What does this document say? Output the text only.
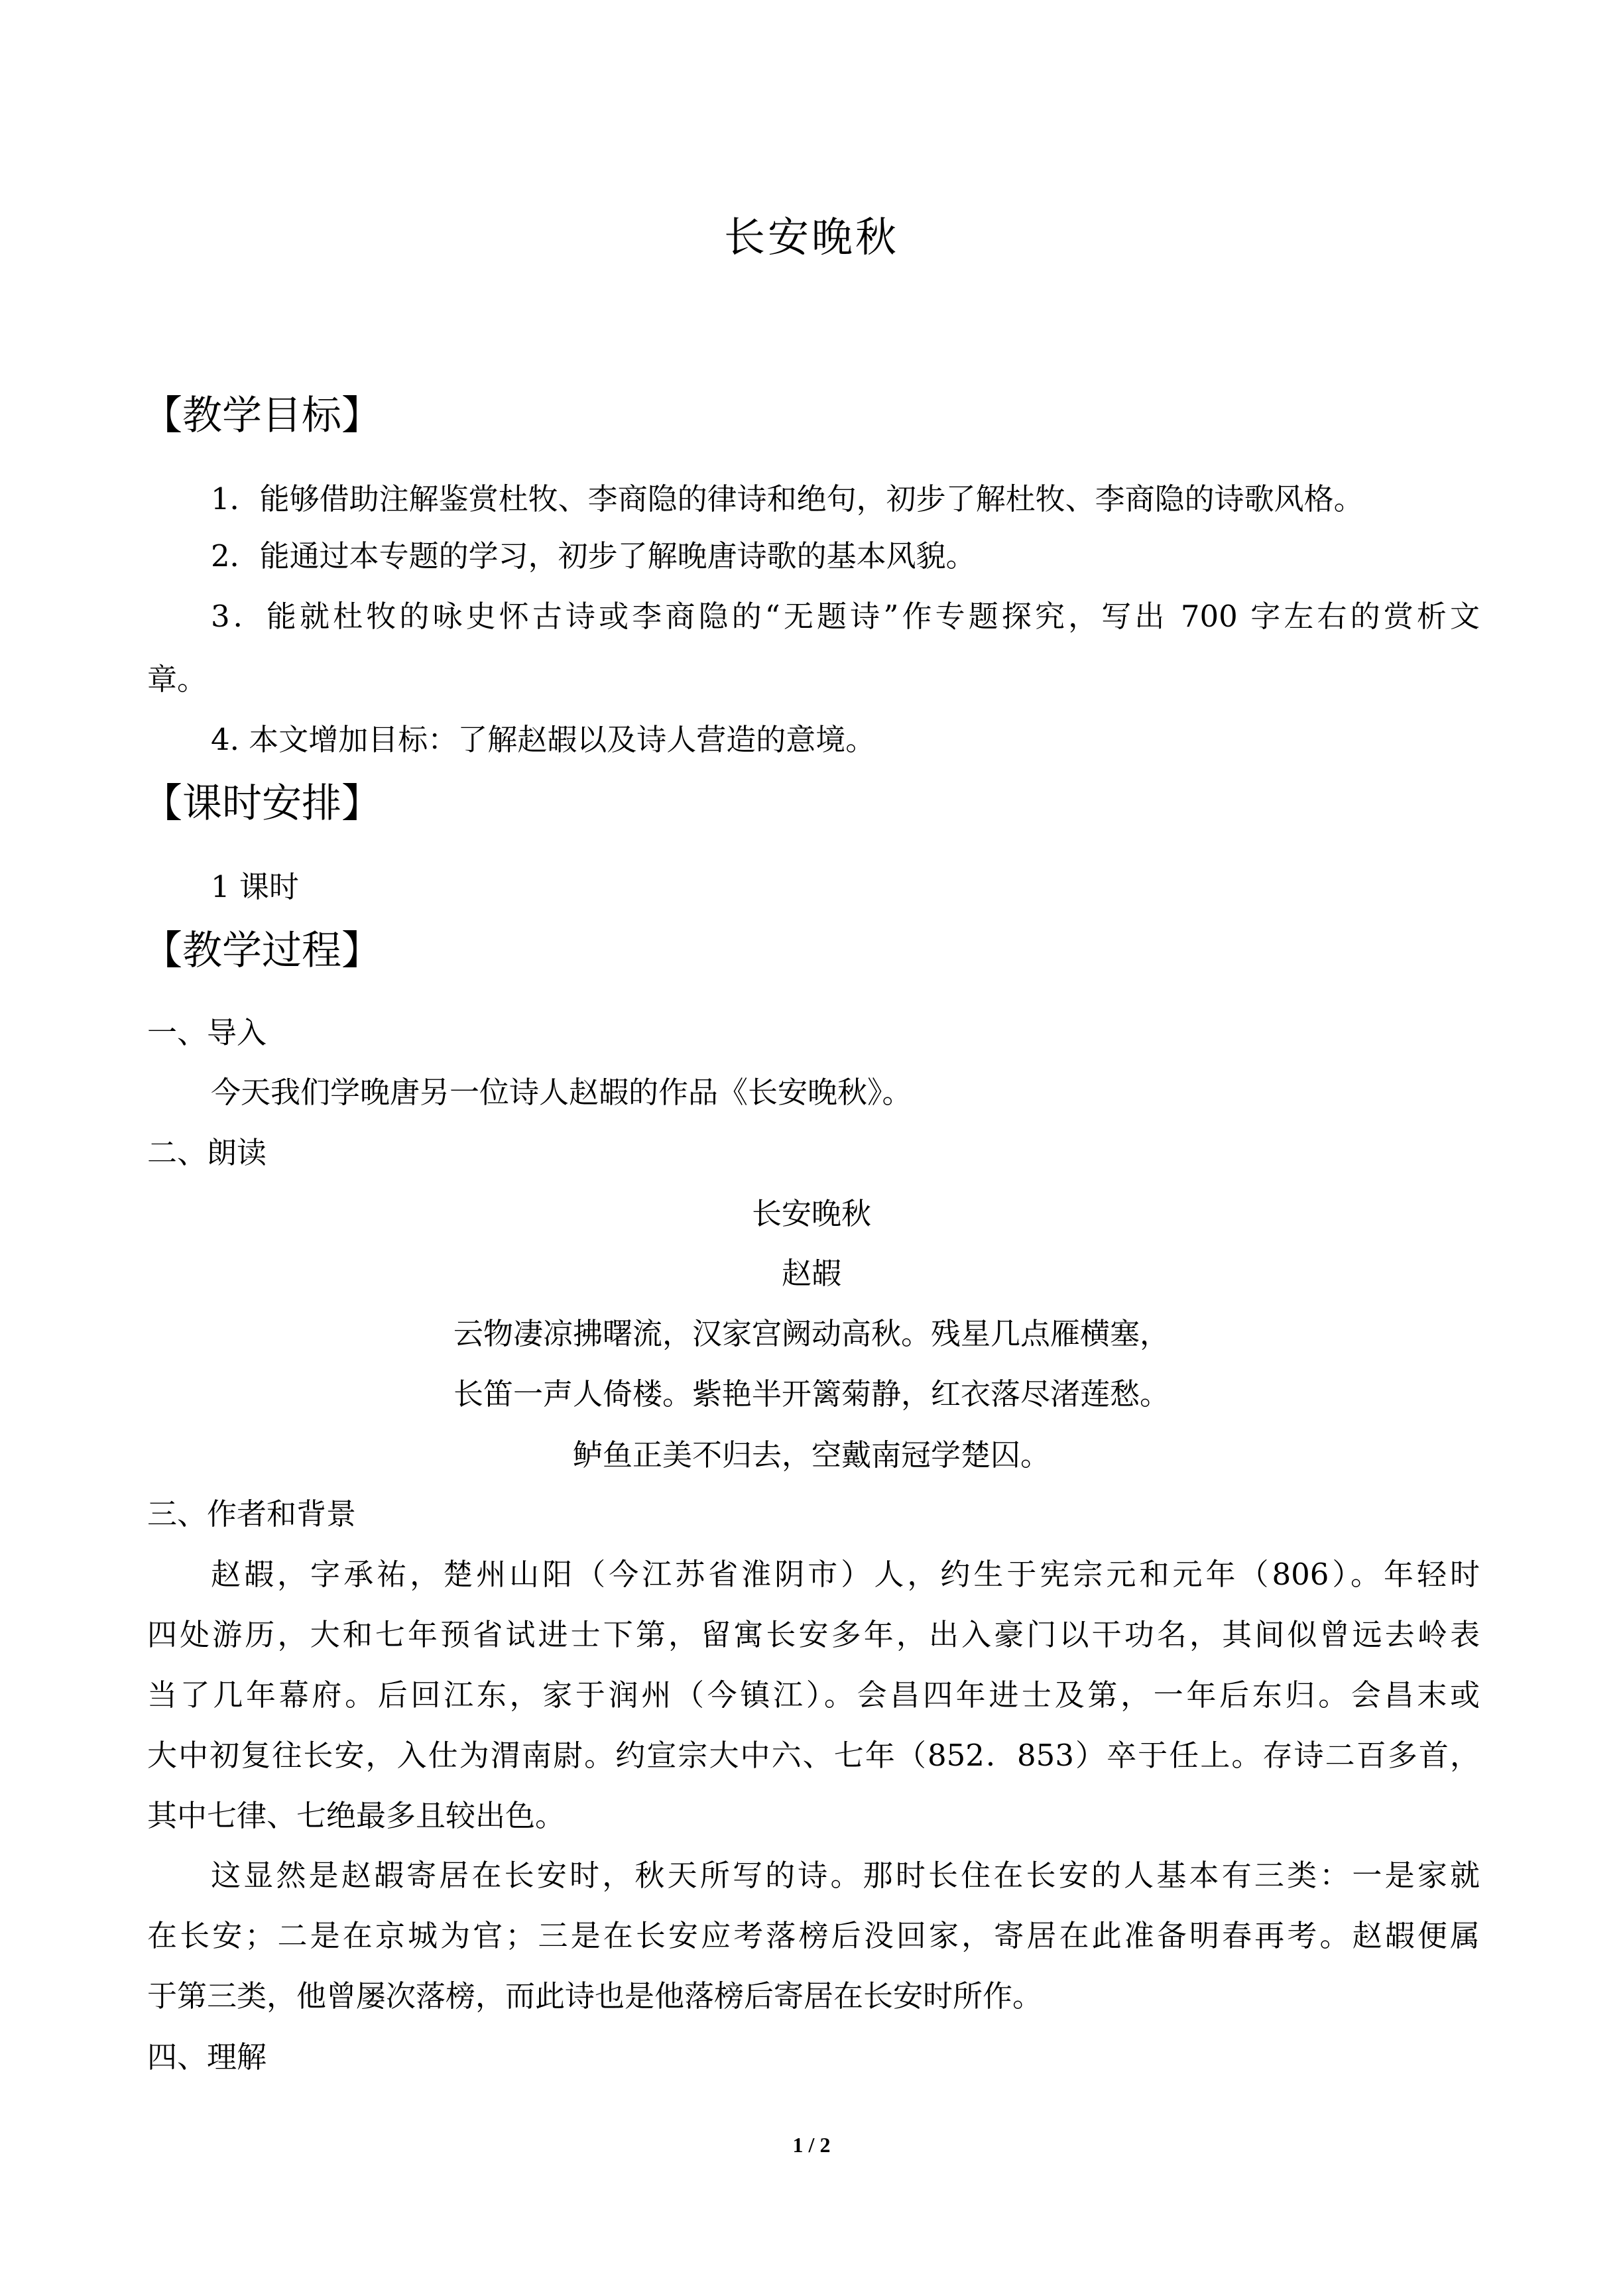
长安晚秋
【教学目标】
1．能够借助注解鉴赏杜牧、李商隐的律诗和绝句，初步了解杜牧、李商隐的诗歌风格。
2．能通过本专题的学习，初步了解晚唐诗歌的基本风貌。
3．能就杜牧的咏史怀古诗或李商隐的“无题诗”作专题探究，写出 700 字左右的赏析文
章。
4. 本文增加目标：了解赵嘏以及诗人营造的意境。
【课时安排】
1 课时
【教学过程】
一、导入
今天我们学晚唐另一位诗人赵嘏的作品《长安晚秋》。
二、朗读
长安晚秋
赵嘏
云物凄凉拂曙流，汉家宫阙动高秋。残星几点雁横塞，
长笛一声人倚楼。紫艳半开篱菊静，红衣落尽渚莲愁。
鲈鱼正美不归去，空戴南冠学楚囚。
三、作者和背景
赵嘏，字承祐，楚州山阳（今江苏省淮阴市）人，约生于宪宗元和元年（806）。年轻时
四处游历，大和七年预省试进士下第，留寓长安多年，出入豪门以干功名，其间似曾远去岭表
当了几年幕府。后回江东，家于润州（今镇江）。会昌四年进士及第，一年后东归。会昌末或
大中初复往长安，入仕为渭南尉。约宣宗大中六、七年（852．853）卒于任上。存诗二百多首，
其中七律、七绝最多且较出色。
这显然是赵嘏寄居在长安时，秋天所写的诗。那时长住在长安的人基本有三类：一是家就
在长安；二是在京城为官；三是在长安应考落榜后没回家，寄居在此准备明春再考。赵嘏便属
于第三类，他曾屡次落榜，而此诗也是他落榜后寄居在长安时所作。
四、理解
1 / 2
